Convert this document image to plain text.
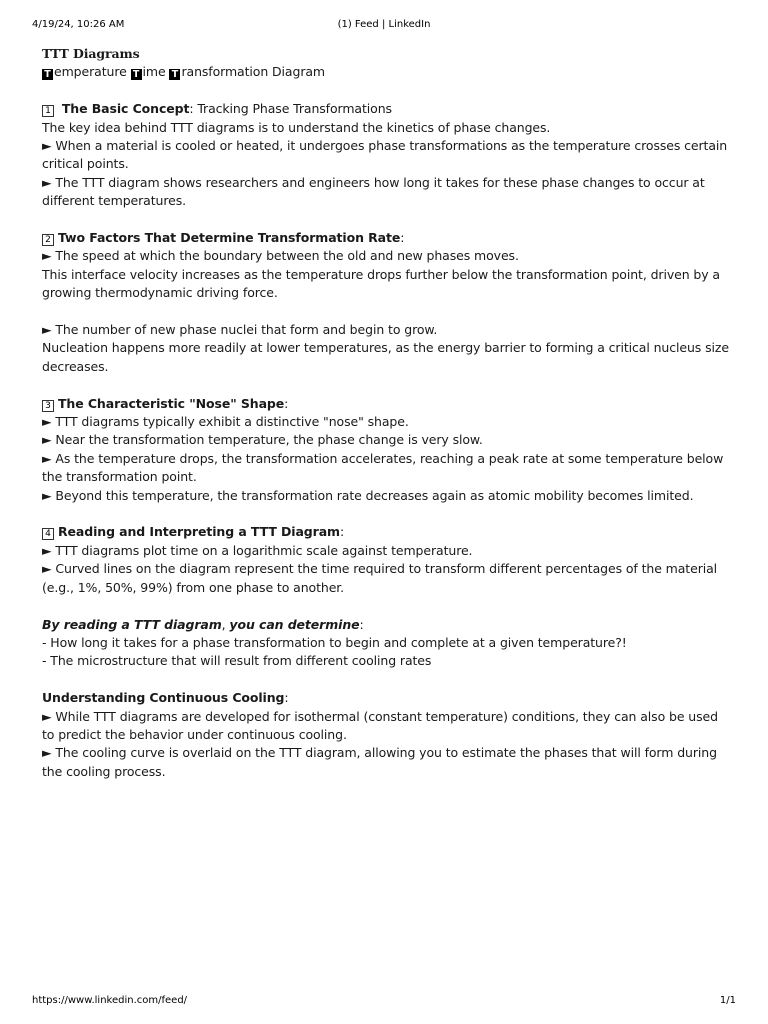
4/19/24, 10:26 AM	(1) Feed | LinkedIn

TTT Diagrams

T emperature T ime T ransformation Diagram

1 The Basic Concept: Tracking Phase Transformations

The key idea behind TTT diagrams is to understand the kinetics of phase changes.

► When a material is cooled or heated, it undergoes phase transformations as the temperature crosses certain critical points.

► The TTT diagram shows researchers and engineers how long it takes for these phase changes to occur at different temperatures.

2 Two Factors That Determine Transformation Rate:

► The speed at which the boundary between the old and new phases moves.

This interface velocity increases as the temperature drops further below the transformation point, driven by a growing thermodynamic driving force.

► The number of new phase nuclei that form and begin to grow.

Nucleation happens more readily at lower temperatures, as the energy barrier to forming a critical nucleus size decreases.

3 The Characteristic "Nose" Shape:

► TTT diagrams typically exhibit a distinctive "nose" shape.

► Near the transformation temperature, the phase change is very slow.

► As the temperature drops, the transformation accelerates, reaching a peak rate at some temperature below the transformation point.

► Beyond this temperature, the transformation rate decreases again as atomic mobility becomes limited.

4 Reading and Interpreting a TTT Diagram:

► TTT diagrams plot time on a logarithmic scale against temperature.

► Curved lines on the diagram represent the time required to transform different percentages of the material (e.g., 1%, 50%, 99%) from one phase to another.

By reading a TTT diagram, you can determine:

- How long it takes for a phase transformation to begin and complete at a given temperature?!

- The microstructure that will result from different cooling rates

Understanding Continuous Cooling:

► While TTT diagrams are developed for isothermal (constant temperature) conditions, they can also be used to predict the behavior under continuous cooling.

► The cooling curve is overlaid on the TTT diagram, allowing you to estimate the phases that will form during the cooling process.

https://www.linkedin.com/feed/	1/1
